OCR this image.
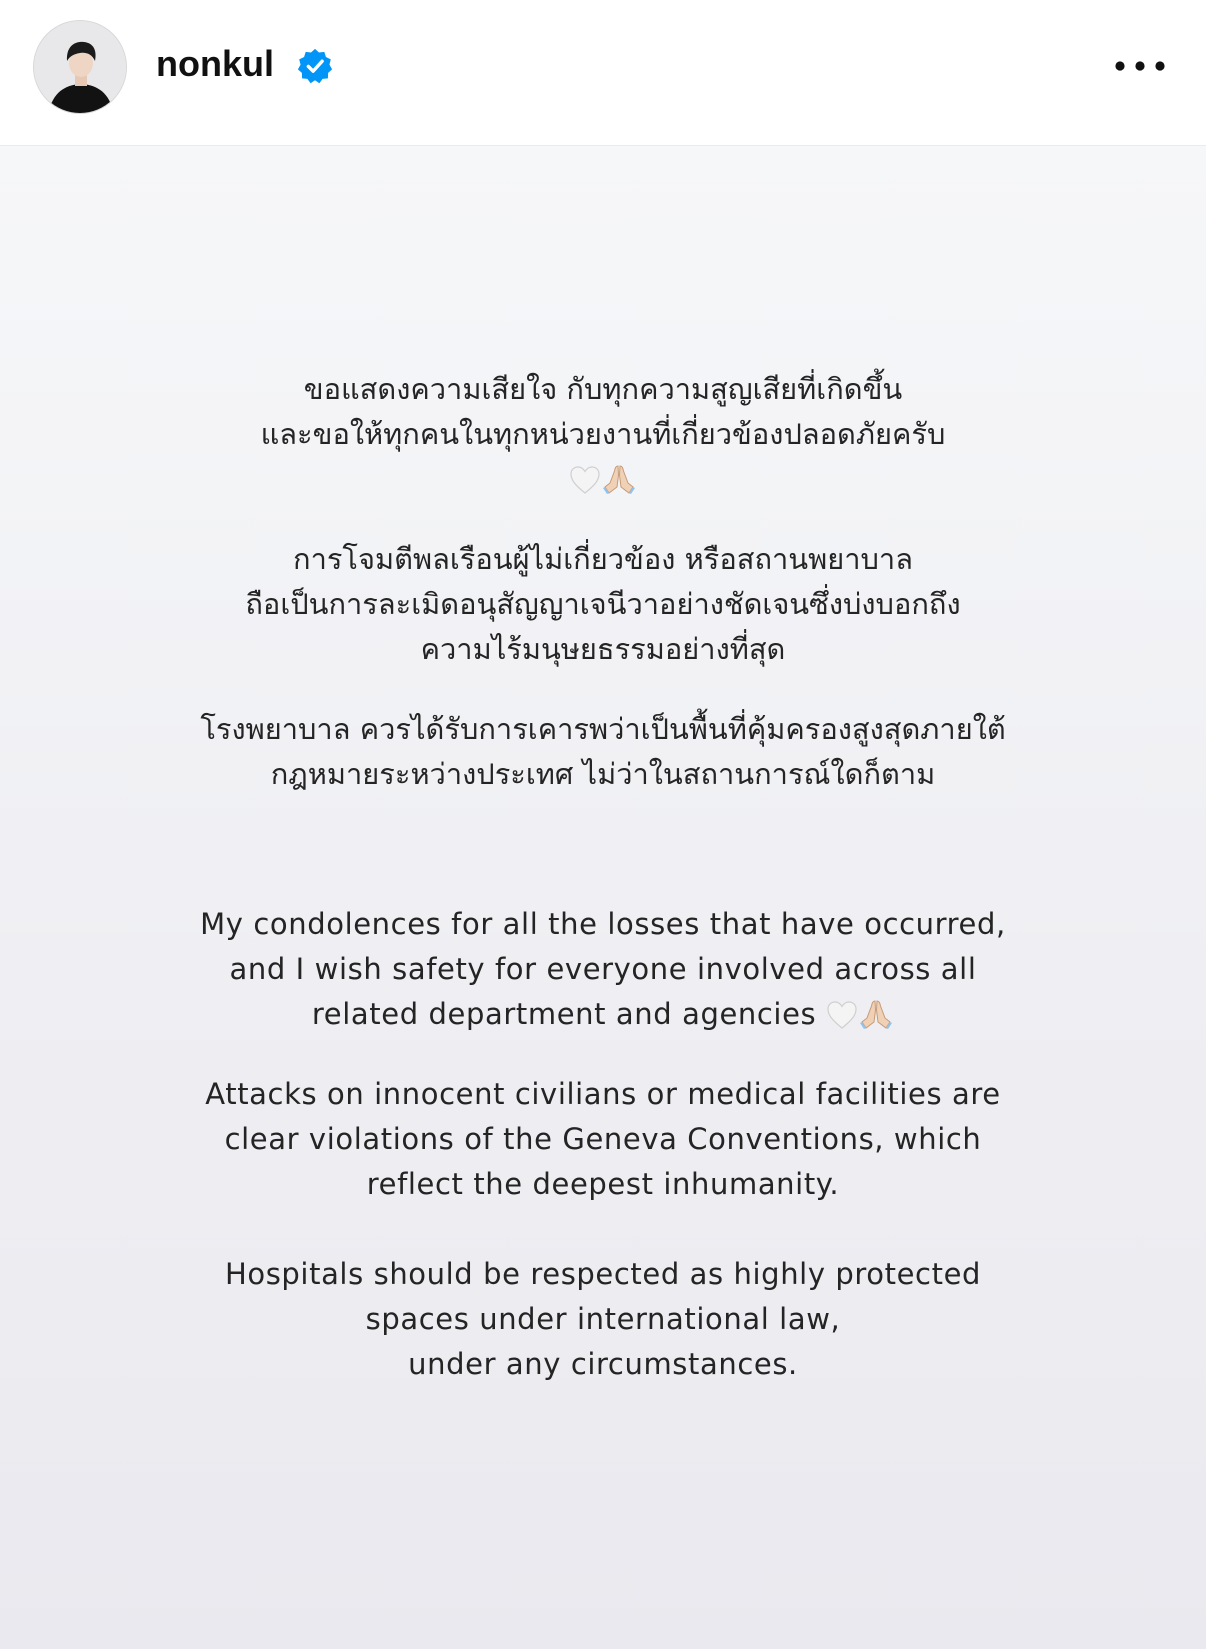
nonkul
ขอแสดงความเสียใจ กับทุกความสูญเสียที่เกิดขึ้น
และขอให้ทุกคนในทุกหน่วยงานที่เกี่ยวข้องปลอดภัยครับ
การโจมตีพลเรือนผู้ไม่เกี่ยวข้อง หรือสถานพยาบาล
ถือเป็นการละเมิดอนุสัญญาเจนีวาอย่างชัดเจนซึ่งบ่งบอกถึง
ความไร้มนุษยธรรมอย่างที่สุด
โรงพยาบาล ควรได้รับการเคารพว่าเป็นพื้นที่คุ้มครองสูงสุดภายใต้
กฎหมายระหว่างประเทศ ไม่ว่าในสถานการณ์ใดก็ตาม
My condolences for all the losses that have occurred,
and I wish safety for everyone involved across all
related department and agencies
Attacks on innocent civilians or medical facilities are
clear violations of the Geneva Conventions, which
reflect the deepest inhumanity.
Hospitals should be respected as highly protected
spaces under international law,
under any circumstances.
